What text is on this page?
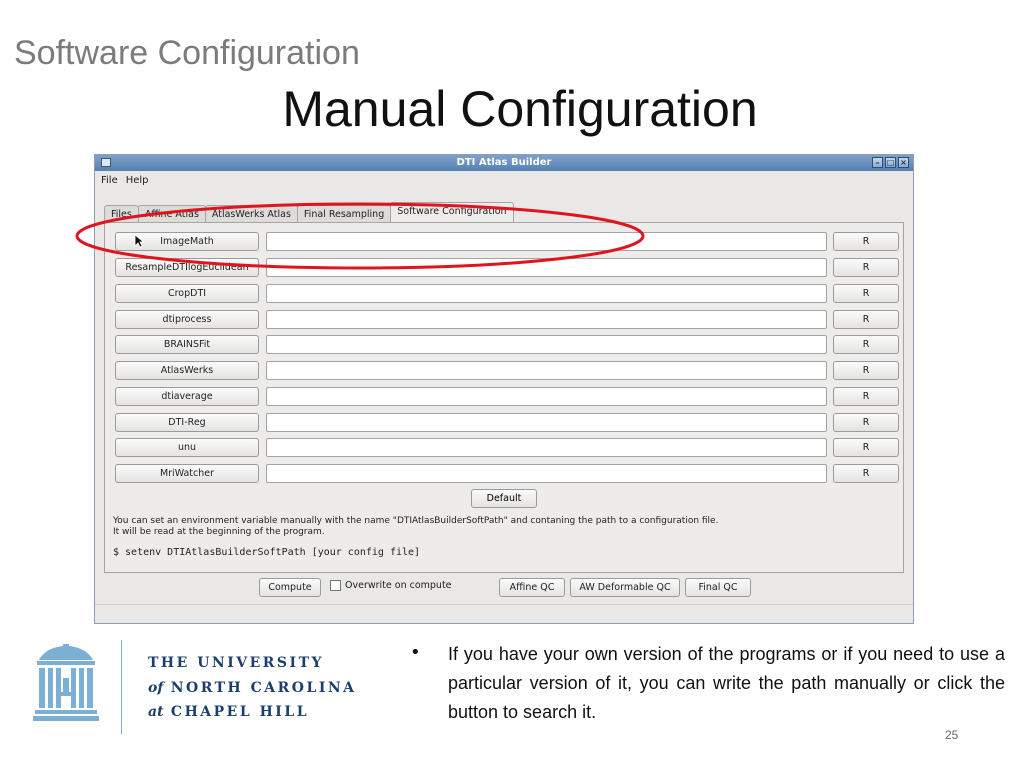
Software Configuration
Manual Configuration
DTI Atlas Builder	– □ ×
File Help
Files	Affine Atlas	AtlasWerks Atlas	Final Resampling	Software Configuration
ImageMath	R
ResampleDTIlogEuclidean	R
CropDTI	R
dtiprocess	R
BRAINSFit	R
AtlasWerks	R
dtiaverage	R
DTI-Reg	R
unu	R
MriWatcher	R
Default
You can set an environment variable manually with the name "DTIAtlasBuilderSoftPath" and contaning the path to a configuration file.
It will be read at the beginning of the program.
$ setenv DTIAtlasBuilderSoftPath [your config file]
Compute	Overwrite on compute	Affine QC	AW Deformable QC	Final QC
THE UNIVERSITY
of NORTH CAROLINA
at CHAPEL HILL
• If you have your own version of the programs or if you need to use a particular version of it, you can write the path manually or click the button to search it.
25
